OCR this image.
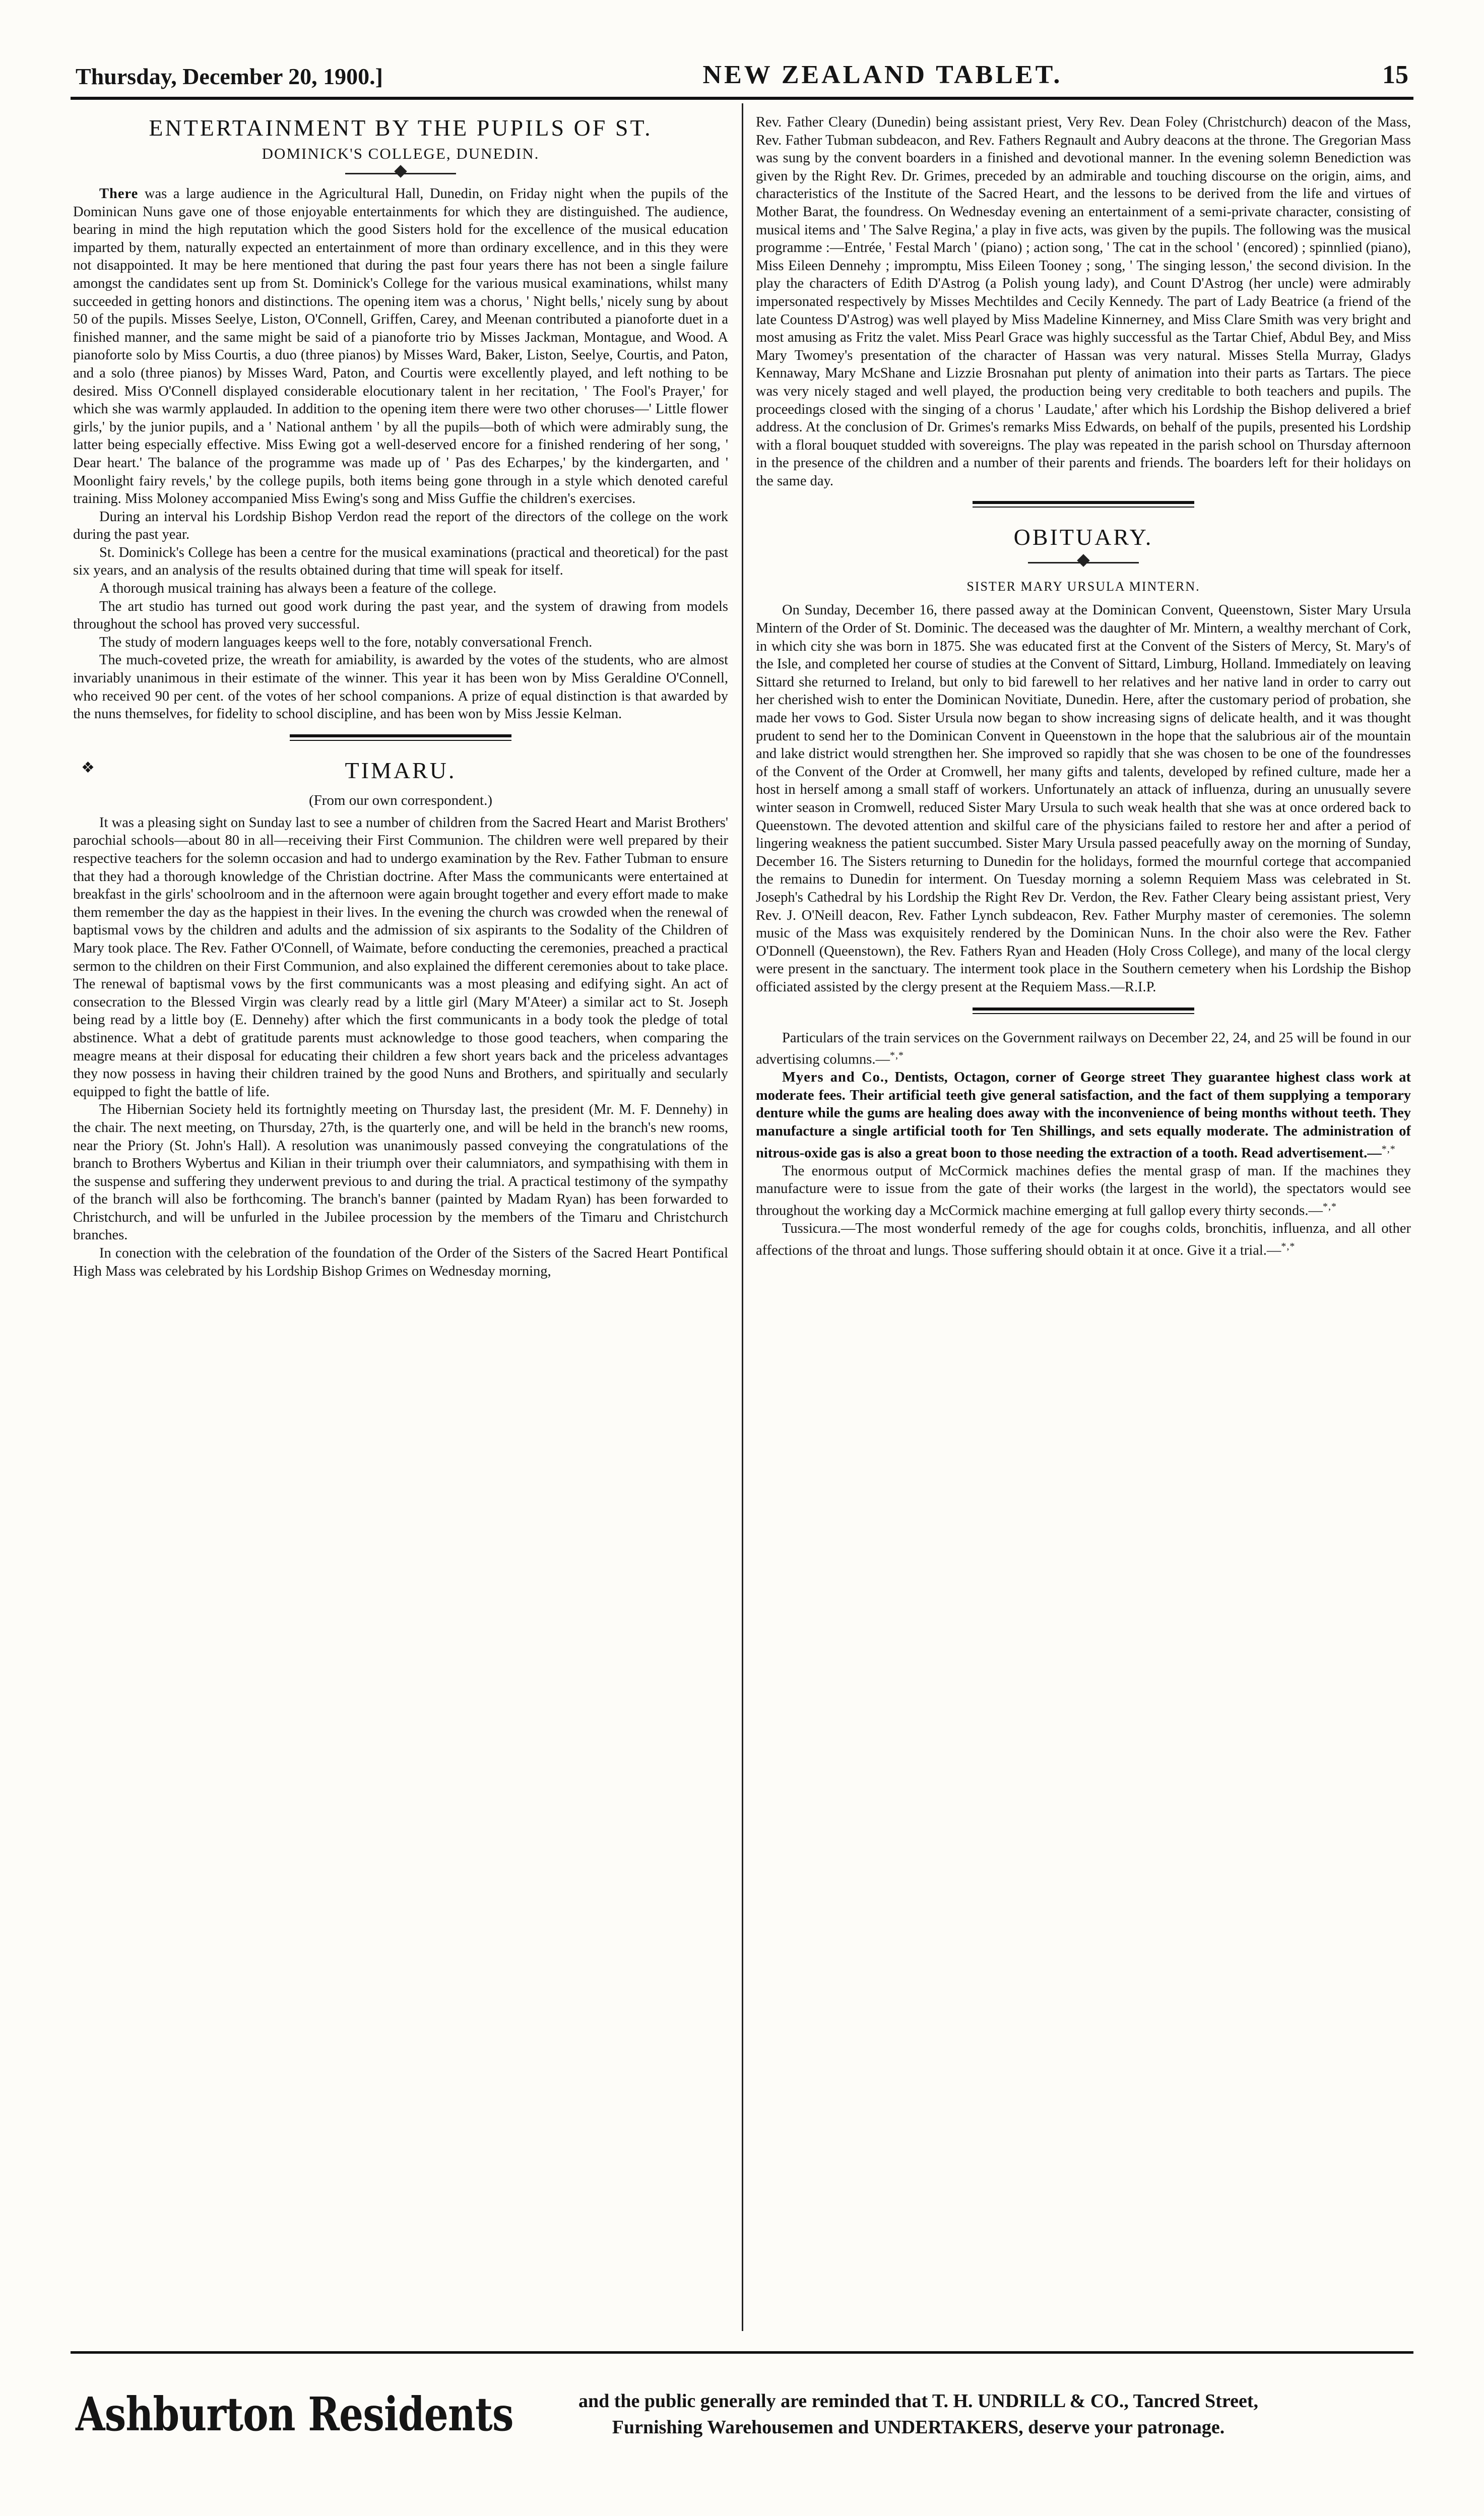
Thursday, December 20, 1900.]	NEW ZEALAND TABLET.	15
ENTERTAINMENT BY THE PUPILS OF ST.
DOMINICK'S COLLEGE, DUNEDIN.

There was a large audience in the Agricultural Hall, Dunedin, on Friday night when the pupils of the Dominican Nuns gave one of those enjoyable entertainments for which they are distinguished. The audience, bearing in mind the high reputation which the good Sisters hold for the excellence of the musical education imparted by them, naturally expected an entertainment of more than ordinary excellence, and in this they were not disappointed. It may be here mentioned that during the past four years there has not been a single failure amongst the candidates sent up from St. Dominick's College for the various musical examinations, whilst many succeeded in getting honors and distinctions. The opening item was a chorus, ' Night bells,' nicely sung by about 50 of the pupils. Misses Seelye, Liston, O'Connell, Griffen, Carey, and Meenan contributed a pianoforte duet in a finished manner, and the same might be said of a pianoforte trio by Misses Jackman, Montague, and Wood. A pianoforte solo by Miss Courtis, a duo (three pianos) by Misses Ward, Baker, Liston, Seelye, Courtis, and Paton, and a solo (three pianos) by Misses Ward, Paton, and Courtis were excellently played, and left nothing to be desired. Miss O'Connell displayed considerable elocutionary talent in her recitation, ' The Fool's Prayer,' for which she was warmly applauded. In addition to the opening item there were two other choruses—' Little flower girls,' by the junior pupils, and a ' National anthem ' by all the pupils—both of which were admirably sung, the latter being especially effective. Miss Ewing got a well-deserved encore for a finished rendering of her song, ' Dear heart.' The balance of the programme was made up of ' Pas des Echarpes,' by the kindergarten, and ' Moonlight fairy revels,' by the college pupils, both items being gone through in a style which denoted careful training. Miss Moloney accompanied Miss Ewing's song and Miss Guffie the children's exercises.

During an interval his Lordship Bishop Verdon read the report of the directors of the college on the work during the past year.

St. Dominick's College has been a centre for the musical examinations (practical and theoretical) for the past six years, and an analysis of the results obtained during that time will speak for itself.

A thorough musical training has always been a feature of the college.

The art studio has turned out good work during the past year, and the system of drawing from models throughout the school has proved very successful.

The study of modern languages keeps well to the fore, notably conversational French.

The much-coveted prize, the wreath for amiability, is awarded by the votes of the students, who are almost invariably unanimous in their estimate of the winner. This year it has been won by Miss Geraldine O'Connell, who received 90 per cent. of the votes of her school companions. A prize of equal distinction is that awarded by the nuns themselves, for fidelity to school discipline, and has been won by Miss Jessie Kelman.

❖	TIMARU.
(From our own correspondent.)

It was a pleasing sight on Sunday last to see a number of children from the Sacred Heart and Marist Brothers' parochial schools—about 80 in all—receiving their First Communion. The children were well prepared by their respective teachers for the solemn occasion and had to undergo examination by the Rev. Father Tubman to ensure that they had a thorough knowledge of the Christian doctrine. After Mass the communicants were entertained at breakfast in the girls' schoolroom and in the afternoon were again brought together and every effort made to make them remember the day as the happiest in their lives. In the evening the church was crowded when the renewal of baptismal vows by the children and adults and the admission of six aspirants to the Sodality of the Children of Mary took place. The Rev. Father O'Connell, of Waimate, before conducting the ceremonies, preached a practical sermon to the children on their First Communion, and also explained the different ceremonies about to take place. The renewal of baptismal vows by the first communicants was a most pleasing and edifying sight. An act of consecration to the Blessed Virgin was clearly read by a little girl (Mary M'Ateer) a similar act to St. Joseph being read by a little boy (E. Dennehy) after which the first communicants in a body took the pledge of total abstinence. What a debt of gratitude parents must acknowledge to those good teachers, when comparing the meagre means at their disposal for educating their children a few short years back and the priceless advantages they now possess in having their children trained by the good Nuns and Brothers, and spiritually and secularly equipped to fight the battle of life.

The Hibernian Society held its fortnightly meeting on Thursday last, the president (Mr. M. F. Dennehy) in the chair. The next meeting, on Thursday, 27th, is the quarterly one, and will be held in the branch's new rooms, near the Priory (St. John's Hall). A resolution was unanimously passed conveying the congratulations of the branch to Brothers Wybertus and Kilian in their triumph over their calumniators, and sympathising with them in the suspense and suffering they underwent previous to and during the trial. A practical testimony of the sympathy of the branch will also be forthcoming. The branch's banner (painted by Madam Ryan) has been forwarded to Christchurch, and will be unfurled in the Jubilee procession by the members of the Timaru and Christchurch branches.

In conection with the celebration of the foundation of the Order of the Sisters of the Sacred Heart Pontifical High Mass was celebrated by his Lordship Bishop Grimes on Wednesday morning,

Rev. Father Cleary (Dunedin) being assistant priest, Very Rev. Dean Foley (Christchurch) deacon of the Mass, Rev. Father Tubman subdeacon, and Rev. Fathers Regnault and Aubry deacons at the throne. The Gregorian Mass was sung by the convent boarders in a finished and devotional manner. In the evening solemn Benediction was given by the Right Rev. Dr. Grimes, preceded by an admirable and touching discourse on the origin, aims, and characteristics of the Institute of the Sacred Heart, and the lessons to be derived from the life and virtues of Mother Barat, the foundress. On Wednesday evening an entertainment of a semi-private character, consisting of musical items and ' The Salve Regina,' a play in five acts, was given by the pupils. The following was the musical programme :—Entrée, ' Festal March ' (piano) ; action song, ' The cat in the school ' (encored) ; spinnlied (piano), Miss Eileen Dennehy ; impromptu, Miss Eileen Tooney ; song, ' The singing lesson,' the second division. In the play the characters of Edith D'Astrog (a Polish young lady), and Count D'Astrog (her uncle) were admirably impersonated respectively by Misses Mechtildes and Cecily Kennedy. The part of Lady Beatrice (a friend of the late Countess D'Astrog) was well played by Miss Madeline Kinnerney, and Miss Clare Smith was very bright and most amusing as Fritz the valet. Miss Pearl Grace was highly successful as the Tartar Chief, Abdul Bey, and Miss Mary Twomey's presentation of the character of Hassan was very natural. Misses Stella Murray, Gladys Kennaway, Mary McShane and Lizzie Brosnahan put plenty of animation into their parts as Tartars. The piece was very nicely staged and well played, the production being very creditable to both teachers and pupils. The proceedings closed with the singing of a chorus ' Laudate,' after which his Lordship the Bishop delivered a brief address. At the conclusion of Dr. Grimes's remarks Miss Edwards, on behalf of the pupils, presented his Lordship with a floral bouquet studded with sovereigns. The play was repeated in the parish school on Thursday afternoon in the presence of the children and a number of their parents and friends. The boarders left for their holidays on the same day.

OBITUARY.
SISTER MARY URSULA MINTERN.

On Sunday, December 16, there passed away at the Dominican Convent, Queenstown, Sister Mary Ursula Mintern of the Order of St. Dominic. The deceased was the daughter of Mr. Mintern, a wealthy merchant of Cork, in which city she was born in 1875. She was educated first at the Convent of the Sisters of Mercy, St. Mary's of the Isle, and completed her course of studies at the Convent of Sittard, Limburg, Holland. Immediately on leaving Sittard she returned to Ireland, but only to bid farewell to her relatives and her native land in order to carry out her cherished wish to enter the Dominican Novitiate, Dunedin. Here, after the customary period of probation, she made her vows to God. Sister Ursula now began to show increasing signs of delicate health, and it was thought prudent to send her to the Dominican Convent in Queenstown in the hope that the salubrious air of the mountain and lake district would strengthen her. She improved so rapidly that she was chosen to be one of the foundresses of the Convent of the Order at Cromwell, her many gifts and talents, developed by refined culture, made her a host in herself among a small staff of workers. Unfortunately an attack of influenza, during an unusually severe winter season in Cromwell, reduced Sister Mary Ursula to such weak health that she was at once ordered back to Queenstown. The devoted attention and skilful care of the physicians failed to restore her and after a period of lingering weakness the patient succumbed. Sister Mary Ursula passed peacefully away on the morning of Sunday, December 16. The Sisters returning to Dunedin for the holidays, formed the mournful cortege that accompanied the remains to Dunedin for interment. On Tuesday morning a solemn Requiem Mass was celebrated in St. Joseph's Cathedral by his Lordship the Right Rev Dr. Verdon, the Rev. Father Cleary being assistant priest, Very Rev. J. O'Neill deacon, Rev. Father Lynch subdeacon, Rev. Father Murphy master of ceremonies. The solemn music of the Mass was exquisitely rendered by the Dominican Nuns. In the choir also were the Rev. Father O'Donnell (Queenstown), the Rev. Fathers Ryan and Headen (Holy Cross College), and many of the local clergy were present in the sanctuary. The interment took place in the Southern cemetery when his Lordship the Bishop officiated assisted by the clergy present at the Requiem Mass.—R.I.P.

Particulars of the train services on the Government railways on December 22, 24, and 25 will be found in our advertising columns.—*,*

Myers and Co., Dentists, Octagon, corner of George street They guarantee highest class work at moderate fees. Their artificial teeth give general satisfaction, and the fact of them supplying a temporary denture while the gums are healing does away with the inconvenience of being months without teeth. They manufacture a single artificial tooth for Ten Shillings, and sets equally moderate. The administration of nitrous-oxide gas is also a great boon to those needing the extraction of a tooth. Read advertisement.—*,*

The enormous output of McCormick machines defies the mental grasp of man. If the machines they manufacture were to issue from the gate of their works (the largest in the world), the spectators would see throughout the working day a McCormick machine emerging at full gallop every thirty seconds.—*,*

Tussicura.—The most wonderful remedy of the age for coughs colds, bronchitis, influenza, and all other affections of the throat and lungs. Those suffering should obtain it at once. Give it a trial.—*,*

Ashburton Residents	and the public generally are reminded that T. H. UNDRILL & CO., Tancred Street,
Furnishing Warehousemen and UNDERTAKERS, deserve your patronage.
